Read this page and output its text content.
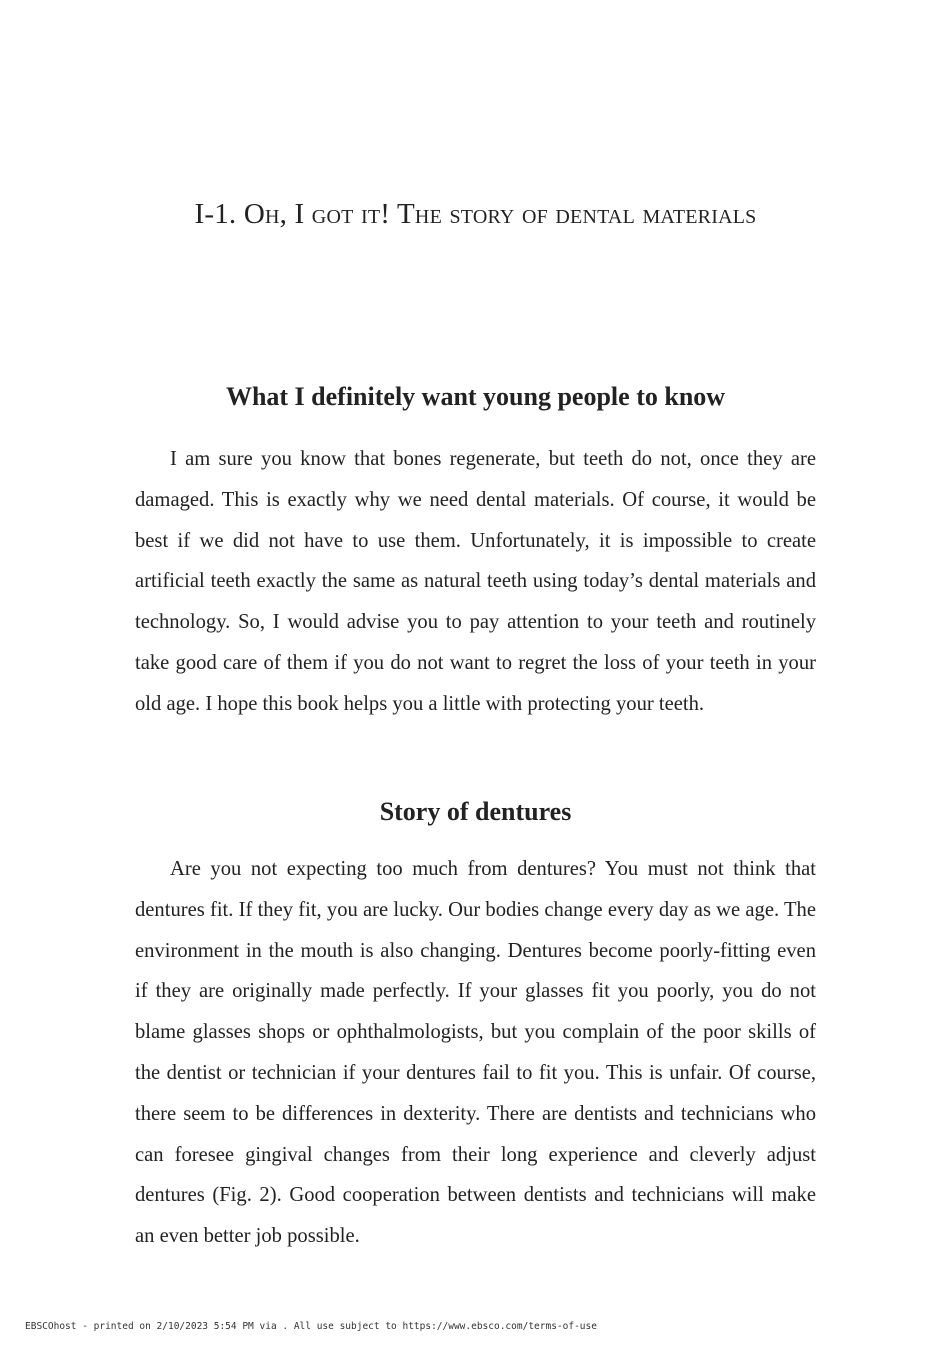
I-1. Oh, I got it! The story of dental materials
What I definitely want young people to know

I am sure you know that bones regenerate, but teeth do not, once they are damaged. This is exactly why we need dental materials. Of course, it would be best if we did not have to use them. Unfortunately, it is impossible to create artificial teeth exactly the same as natural teeth using today’s dental materials and technology. So, I would advise you to pay attention to your teeth and routinely take good care of them if you do not want to regret the loss of your teeth in your old age. I hope this book helps you a little with protecting your teeth.

Story of dentures

Are you not expecting too much from dentures? You must not think that dentures fit. If they fit, you are lucky. Our bodies change every day as we age. The environment in the mouth is also changing. Dentures become poorly-fitting even if they are originally made perfectly. If your glasses fit you poorly, you do not blame glasses shops or ophthalmologists, but you complain of the poor skills of the dentist or technician if your dentures fail to fit you. This is unfair. Of course, there seem to be differences in dexterity. There are dentists and technicians who can foresee gingival changes from their long experience and cleverly adjust dentures (Fig. 2). Good cooperation between dentists and technicians will make an even better job possible.

EBSCOhost - printed on 2/10/2023 5:54 PM via . All use subject to https://www.ebsco.com/terms-of-use
